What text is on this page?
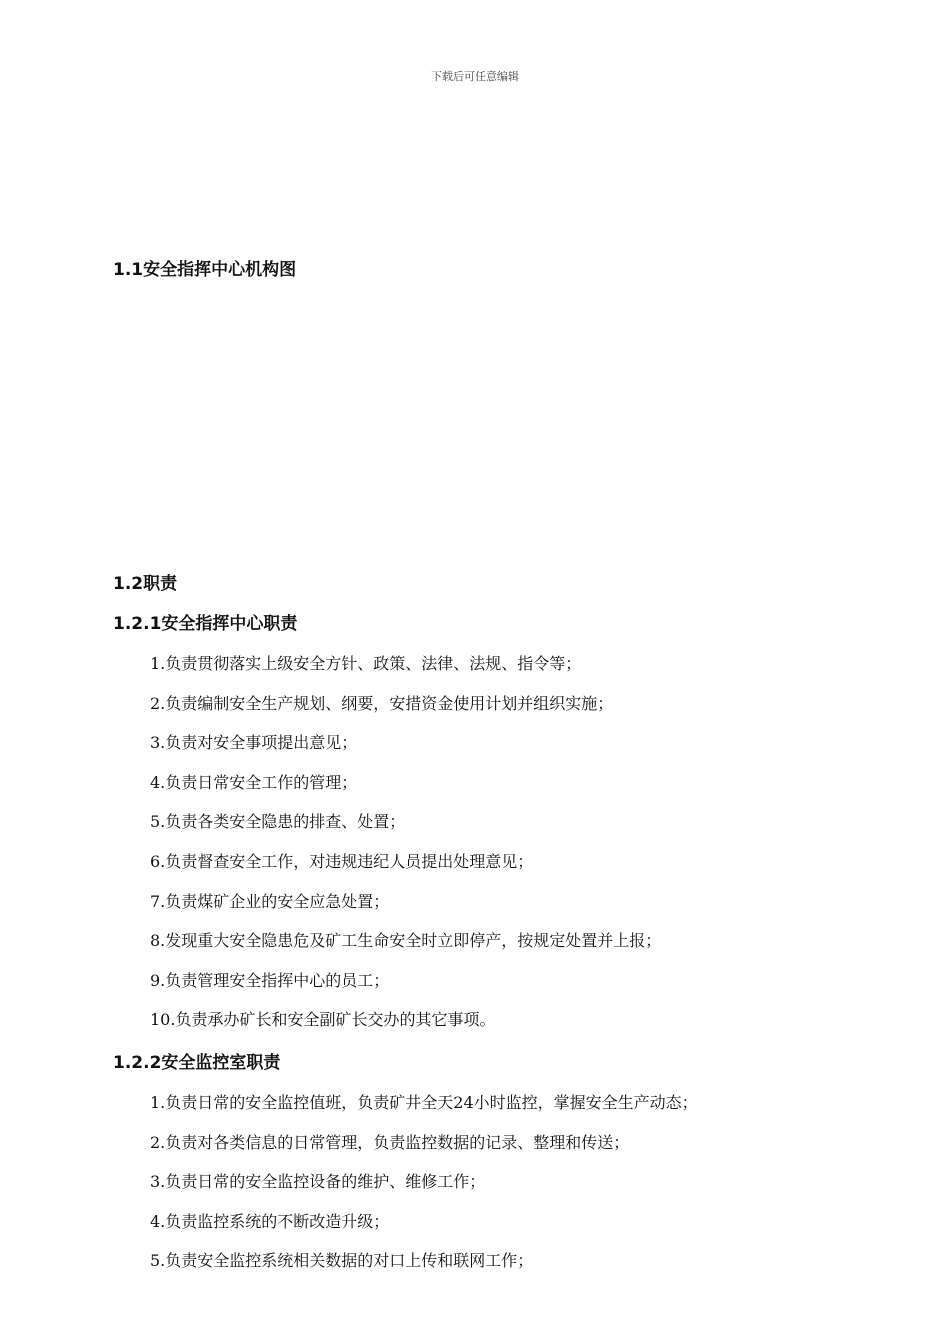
下载后可任意编辑
1.1安全指挥中心机构图
1.2职责
1.2.1安全指挥中心职责
1.负责贯彻落实上级安全方针、政策、法律、法规、指令等；
2.负责编制安全生产规划、纲要，安措资金使用计划并组织实施；
3.负责对安全事项提出意见；
4.负责日常安全工作的管理；
5.负责各类安全隐患的排查、处置；
6.负责督查安全工作，对违规违纪人员提出处理意见；
7.负责煤矿企业的安全应急处置；
8.发现重大安全隐患危及矿工生命安全时立即停产，按规定处置并上报；
9.负责管理安全指挥中心的员工；
10.负责承办矿长和安全副矿长交办的其它事项。
1.2.2安全监控室职责
1.负责日常的安全监控值班，负责矿井全天24小时监控，掌握安全生产动态；
2.负责对各类信息的日常管理，负责监控数据的记录、整理和传送；
3.负责日常的安全监控设备的维护、维修工作；
4.负责监控系统的不断改造升级；
5.负责安全监控系统相关数据的对口上传和联网工作；
